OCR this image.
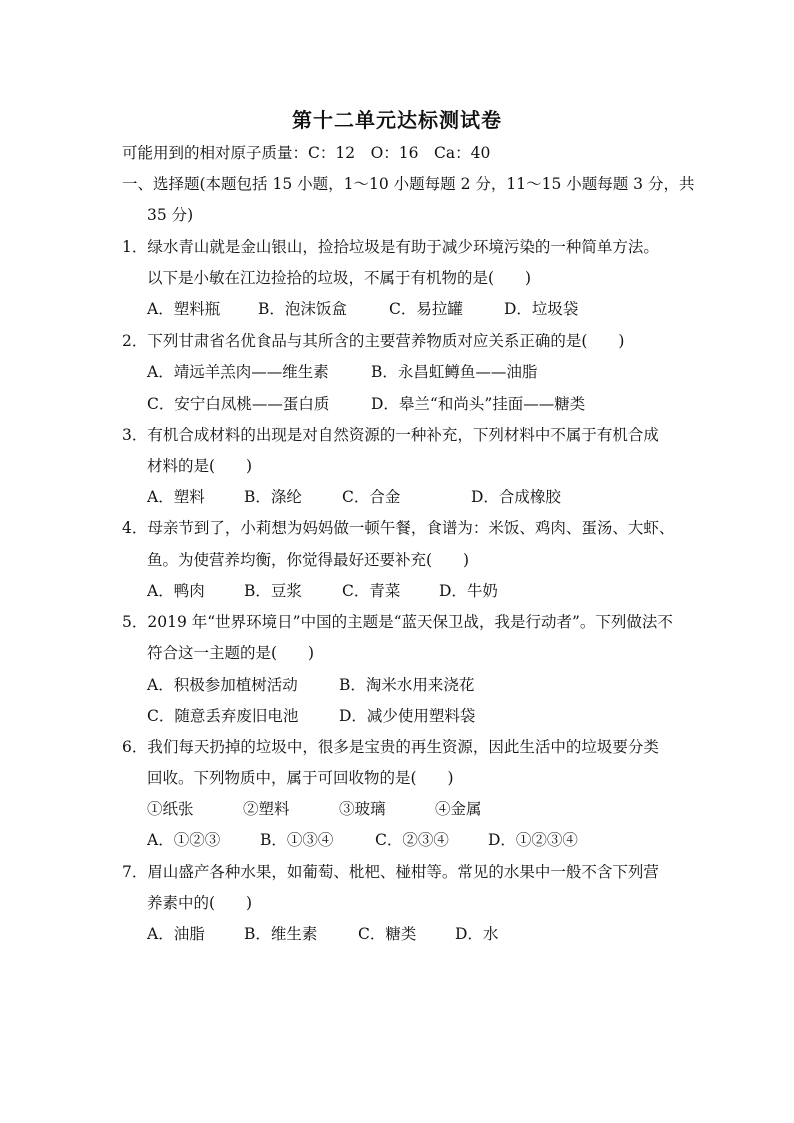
第十二单元达标测试卷
可能用到的相对原子质量：C：12　O：16　Ca：40
一、选择题(本题包括 15 小题，1～10 小题每题 2 分，11～15 小题每题 3 分，共
35 分)
1．绿水青山就是金山银山，捡拾垃圾是有助于减少环境污染的一种简单方法。
以下是小敏在江边捡拾的垃圾，不属于有机物的是(　　)
A．塑料瓶 B．泡沫饭盒	C．易拉罐	D．垃圾袋
2．下列甘肃省名优食品与其所含的主要营养物质对应关系正确的是(　　)
A．靖远羊羔肉——维生素	B．永昌虹鳟鱼——油脂
C．安宁白凤桃——蛋白质	D．皋兰“和尚头”挂面——糖类
3．有机合成材料的出现是对自然资源的一种补充，下列材料中不属于有机合成
材料的是(　　)
A．塑料	B．涤纶	C．合金	D．合成橡胶
4．母亲节到了，小莉想为妈妈做一顿午餐，食谱为：米饭、鸡肉、蛋汤、大虾、
鱼。为使营养均衡，你觉得最好还要补充(　　)
A．鸭肉	B．豆浆	C．青菜 D．牛奶
5．2019 年“世界环境日”中国的主题是“蓝天保卫战，我是行动者”。下列做法不
符合这一主题的是(　　)
A．积极参加植树活动	B．淘米水用来浇花
C．随意丢弃废旧电池	D．减少使用塑料袋
6．我们每天扔掉的垃圾中，很多是宝贵的再生资源，因此生活中的垃圾要分类
回收。下列物质中，属于可回收物的是(　　)
①纸张	②塑料	③玻璃	④金属
A．①②③	B．①③④	C．②③④	D．①②③④
7．眉山盛产各种水果，如葡萄、枇杷、椪柑等。常见的水果中一般不含下列营
养素中的(　　)
A．油脂	B．维生素	C．糖类 D．水
